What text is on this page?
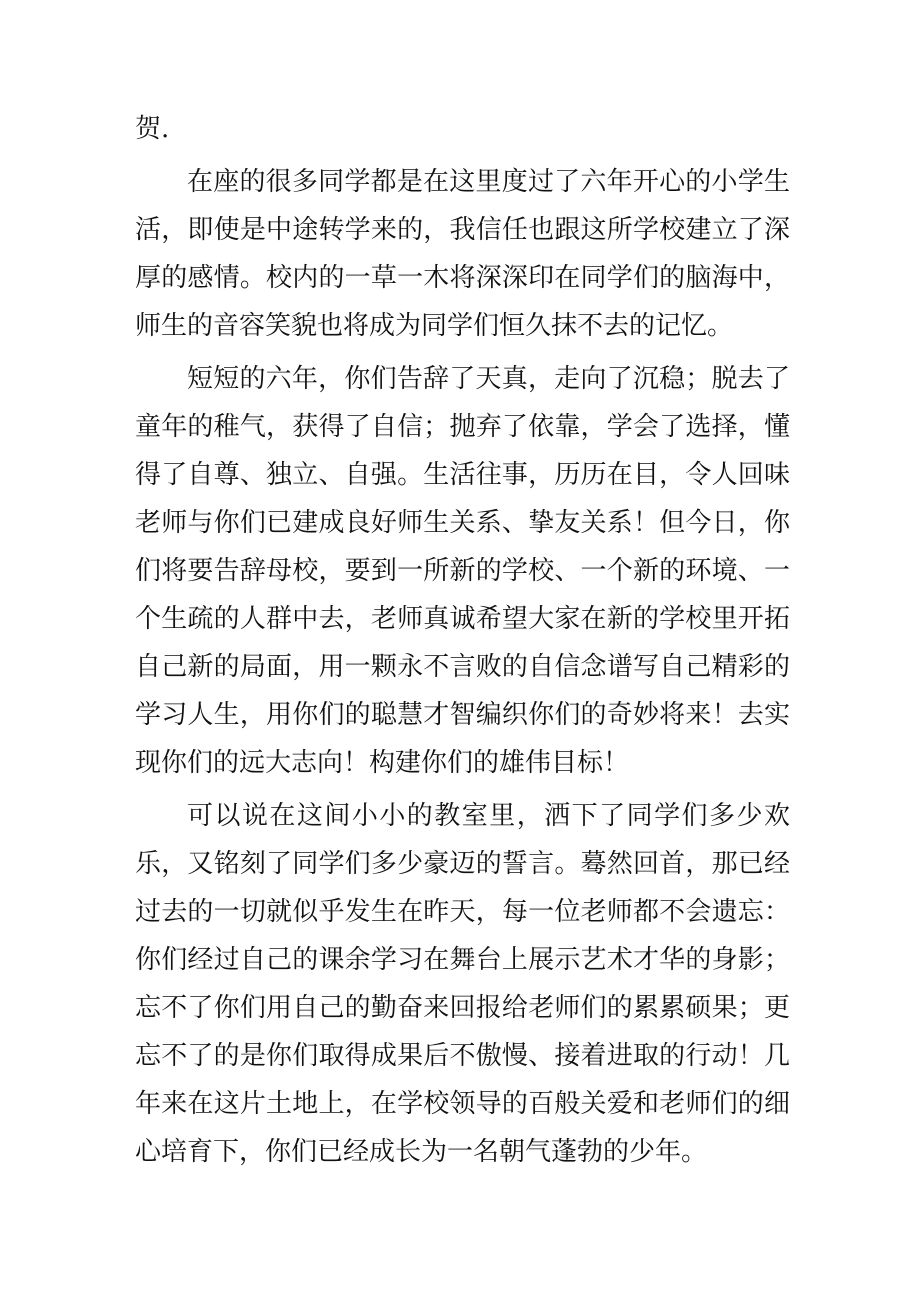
贺.

在座的很多同学都是在这里度过了六年开心的小学生活，即使是中途转学来的，我信任也跟这所学校建立了深厚的感情。校内的一草一木将深深印在同学们的脑海中，师生的音容笑貌也将成为同学们恒久抹不去的记忆。

短短的六年，你们告辞了天真，走向了沉稳；脱去了童年的稚气，获得了自信；抛弃了依靠，学会了选择，懂得了自尊、独立、自强。生活往事，历历在目，令人回味老师与你们已建成良好师生关系、挚友关系！但今日，你们将要告辞母校，要到一所新的学校、一个新的环境、一个生疏的人群中去，老师真诚希望大家在新的学校里开拓自己新的局面，用一颗永不言败的自信念谱写自己精彩的学习人生，用你们的聪慧才智编织你们的奇妙将来！去实现你们的远大志向！构建你们的雄伟目标！

可以说在这间小小的教室里，洒下了同学们多少欢乐，又铭刻了同学们多少豪迈的誓言。蓦然回首，那已经过去的一切就似乎发生在昨天，每一位老师都不会遗忘：你们经过自己的课余学习在舞台上展示艺术才华的身影；忘不了你们用自己的勤奋来回报给老师们的累累硕果；更忘不了的是你们取得成果后不傲慢、接着进取的行动！几年来在这片土地上，在学校领导的百般关爱和老师们的细心培育下，你们已经成长为一名朝气蓬勃的少年。
